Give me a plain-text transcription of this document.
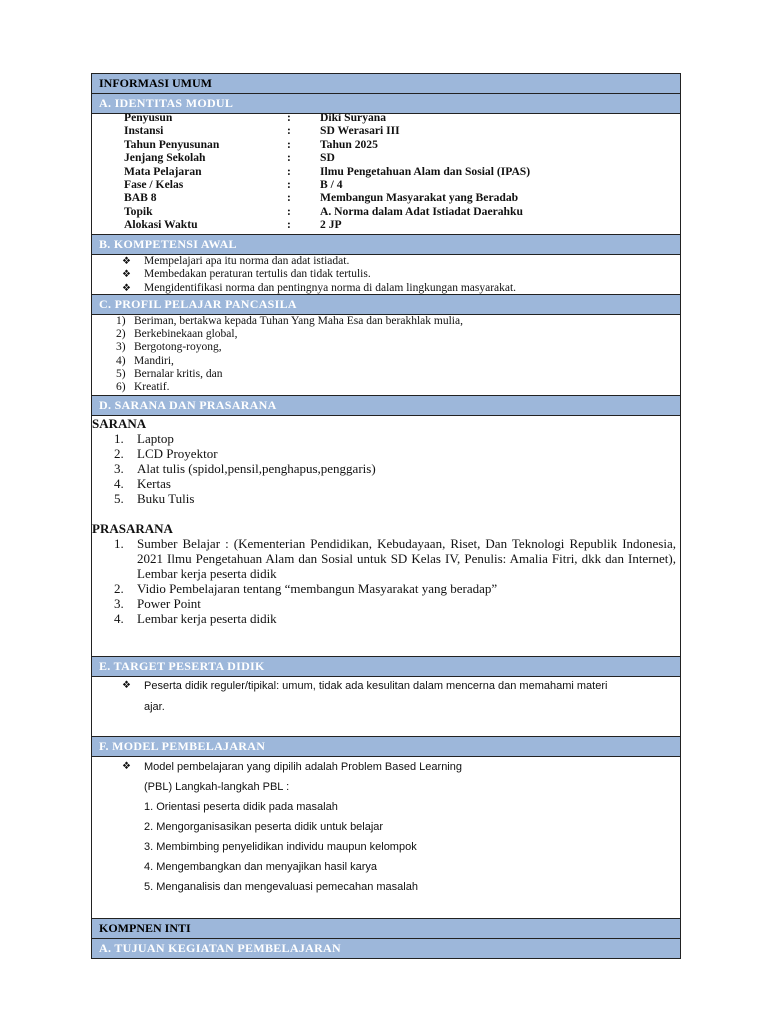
INFORMASI UMUM
A. IDENTITAS MODUL
Penyusun	:	Diki Suryana
Instansi	:	SD Werasari III
Tahun Penyusunan	:	Tahun 2025
Jenjang Sekolah	:	SD
Mata Pelajaran	:	Ilmu Pengetahuan Alam dan Sosial (IPAS)
Fase / Kelas	:	B / 4
BAB 8	:	Membangun Masyarakat yang Beradab
Topik	:	A. Norma dalam Adat Istiadat Daerahku
Alokasi Waktu	:	2 JP
B. KOMPETENSI AWAL
❖ Mempelajari apa itu norma dan adat istiadat.
❖ Membedakan peraturan tertulis dan tidak tertulis.
❖ Mengidentifikasi norma dan pentingnya norma di dalam lingkungan masyarakat.
C. PROFIL PELAJAR PANCASILA
1) Beriman, bertakwa kepada Tuhan Yang Maha Esa dan berakhlak mulia,
2) Berkebinekaan global,
3) Bergotong-royong,
4) Mandiri,
5) Bernalar kritis, dan
6) Kreatif.
D. SARANA DAN PRASARANA
SARANA
1. Laptop
2. LCD Proyektor
3. Alat tulis (spidol,pensil,penghapus,penggaris)
4. Kertas
5. Buku Tulis
PRASARANA
1. Sumber Belajar : (Kementerian Pendidikan, Kebudayaan, Riset, Dan Teknologi Republik Indonesia, 2021 Ilmu Pengetahuan Alam dan Sosial untuk SD Kelas IV, Penulis: Amalia Fitri, dkk dan Internet), Lembar kerja peserta didik
2. Vidio Pembelajaran tentang “membangun Masyarakat yang beradap”
3. Power Point
4. Lembar kerja peserta didik
E. TARGET PESERTA DIDIK
❖ Peserta didik reguler/tipikal: umum, tidak ada kesulitan dalam mencerna dan memahami materi
ajar.
F. MODEL PEMBELAJARAN
❖ Model pembelajaran yang dipilih adalah Problem Based Learning
(PBL) Langkah-langkah PBL :
1. Orientasi peserta didik pada masalah
2. Mengorganisasikan peserta didik untuk belajar
3. Membimbing penyelidikan individu maupun kelompok
4. Mengembangkan dan menyajikan hasil karya
5. Menganalisis dan mengevaluasi pemecahan masalah
KOMPNEN INTI
A. TUJUAN KEGIATAN PEMBELAJARAN
